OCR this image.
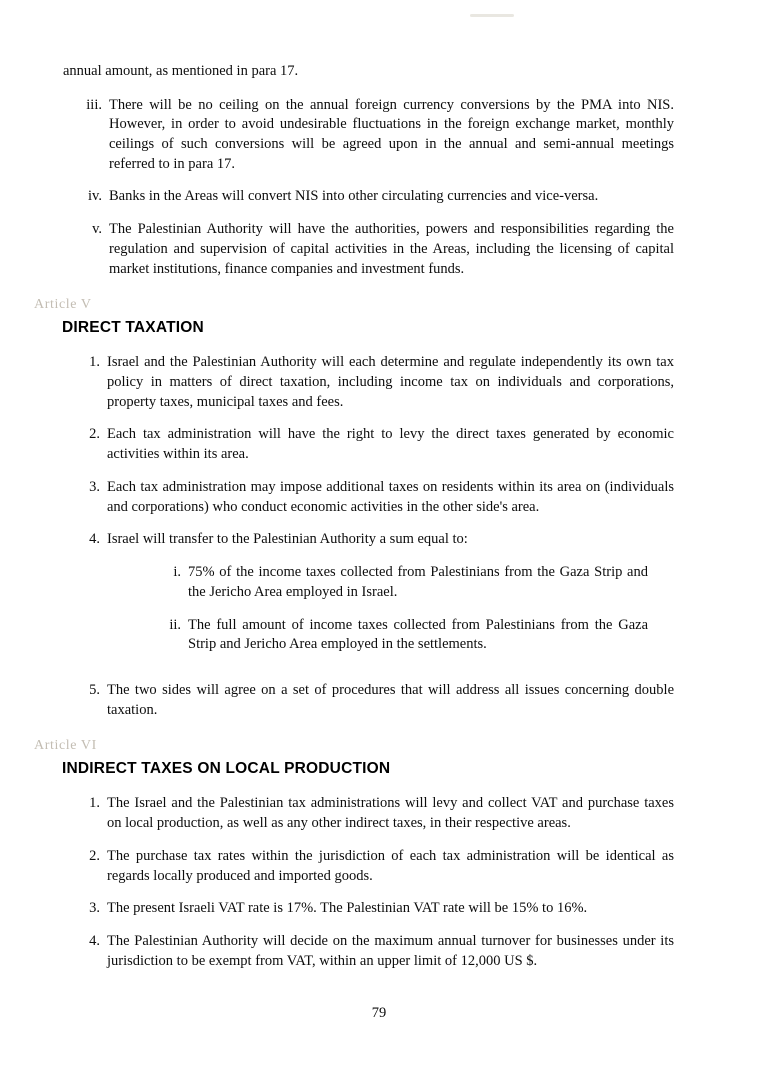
annual amount, as mentioned in para 17.

iii. There will be no ceiling on the annual foreign currency conversions by the PMA into NIS. However, in order to avoid undesirable fluctuations in the foreign exchange market, monthly ceilings of such conversions will be agreed upon in the annual and semi-annual meetings referred to in para 17.
iv. Banks in the Areas will convert NIS into other circulating currencies and vice-versa.
v. The Palestinian Authority will have the authorities, powers and responsibilities regarding the regulation and supervision of capital activities in the Areas, including the licensing of capital market institutions, finance companies and investment funds.
Article V
DIRECT TAXATION
1. Israel and the Palestinian Authority will each determine and regulate independently its own tax policy in matters of direct taxation, including income tax on individuals and corporations, property taxes, municipal taxes and fees.
2. Each tax administration will have the right to levy the direct taxes generated by economic activities within its area.
3. Each tax administration may impose additional taxes on residents within its area on (individuals and corporations) who conduct economic activities in the other side's area.
4. Israel will transfer to the Palestinian Authority a sum equal to:
i. 75% of the income taxes collected from Palestinians from the Gaza Strip and the Jericho Area employed in Israel.
ii. The full amount of income taxes collected from Palestinians from the Gaza Strip and Jericho Area employed in the settlements.
5. The two sides will agree on a set of procedures that will address all issues concerning double taxation.
Article VI
INDIRECT TAXES ON LOCAL PRODUCTION
1. The Israel and the Palestinian tax administrations will levy and collect VAT and purchase taxes on local production, as well as any other indirect taxes, in their respective areas.
2. The purchase tax rates within the jurisdiction of each tax administration will be identical as regards locally produced and imported goods.
3. The present Israeli VAT rate is 17%. The Palestinian VAT rate will be 15% to 16%.
4. The Palestinian Authority will decide on the maximum annual turnover for businesses under its jurisdiction to be exempt from VAT, within an upper limit of 12,000 US $.
79
